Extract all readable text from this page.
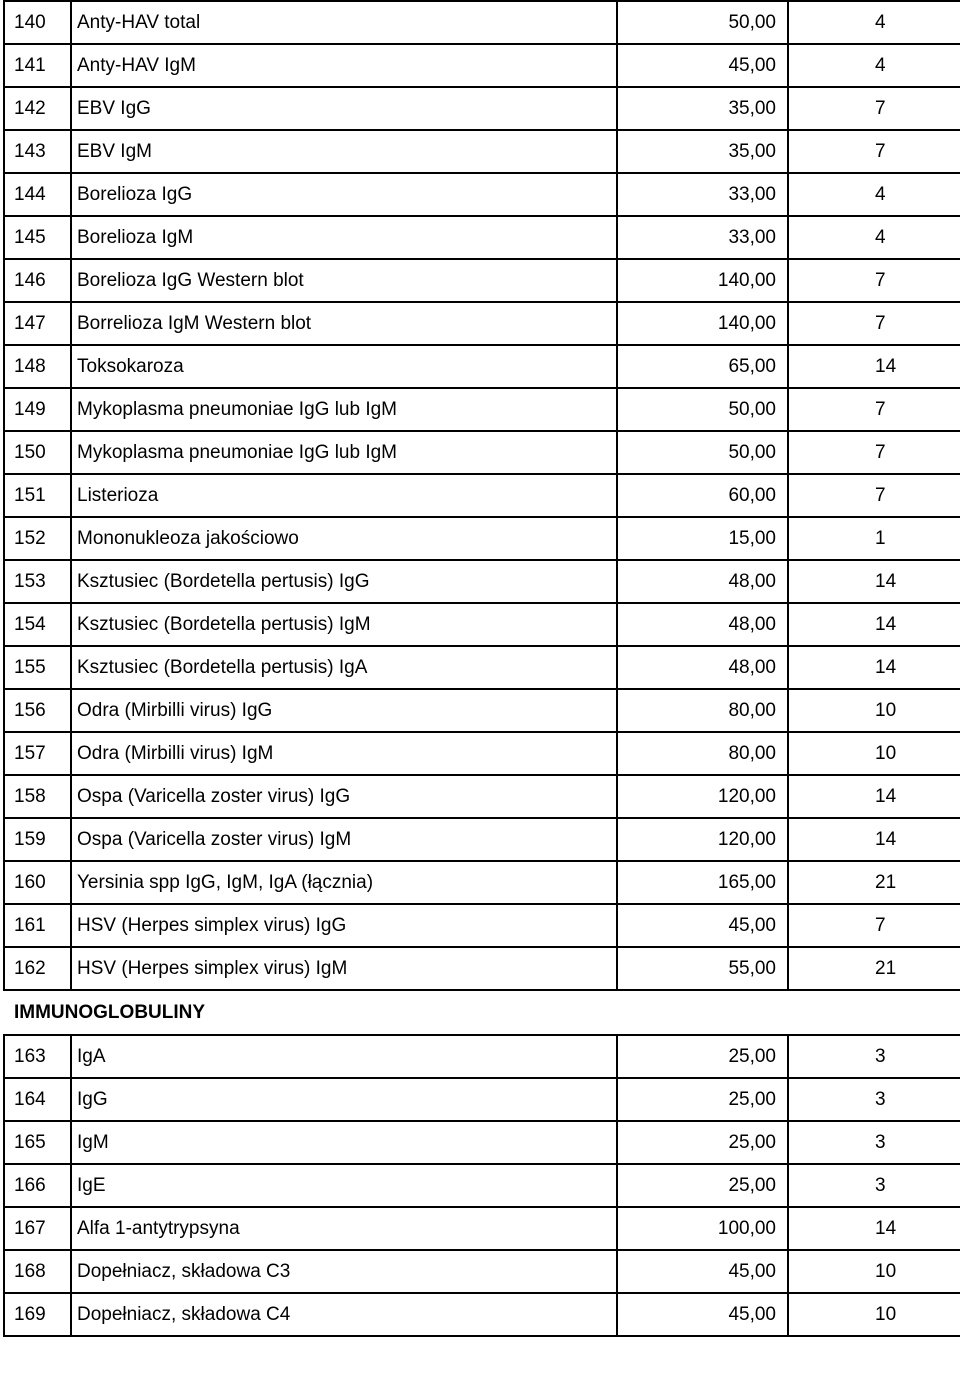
140	Anty-HAV total	50,00	4
141	Anty-HAV IgM	45,00	4
142	EBV IgG	35,00	7
143	EBV IgM	35,00	7
144	Borelioza IgG	33,00	4
145	Borelioza IgM	33,00	4
146	Borelioza IgG Western blot	140,00	7
147	Borrelioza IgM Western blot	140,00	7
148	Toksokaroza	65,00	14
149	Mykoplasma pneumoniae IgG lub IgM	50,00	7
150	Mykoplasma pneumoniae IgG lub IgM	50,00	7
151	Listerioza	60,00	7
152	Mononukleoza jakościowo	15,00	1
153	Ksztusiec (Bordetella pertusis) IgG	48,00	14
154	Ksztusiec (Bordetella pertusis) IgM	48,00	14
155	Ksztusiec (Bordetella pertusis) IgA	48,00	14
156	Odra (Mirbilli virus) IgG	80,00	10
157	Odra (Mirbilli virus) IgM	80,00	10
158	Ospa (Varicella zoster virus) IgG	120,00	14
159	Ospa (Varicella zoster virus) IgM	120,00	14
160	Yersinia spp IgG, IgM, IgA (łącznia)	165,00	21
161	HSV (Herpes simplex virus) IgG	45,00	7
162	HSV (Herpes simplex virus) IgM	55,00	21
IMMUNOGLOBULINY
163	IgA	25,00	3
164	IgG	25,00	3
165	IgM	25,00	3
166	IgE	25,00	3
167	Alfa 1-antytrypsyna	100,00	14
168	Dopełniacz, składowa C3	45,00	10
169	Dopełniacz, składowa C4	45,00	10
